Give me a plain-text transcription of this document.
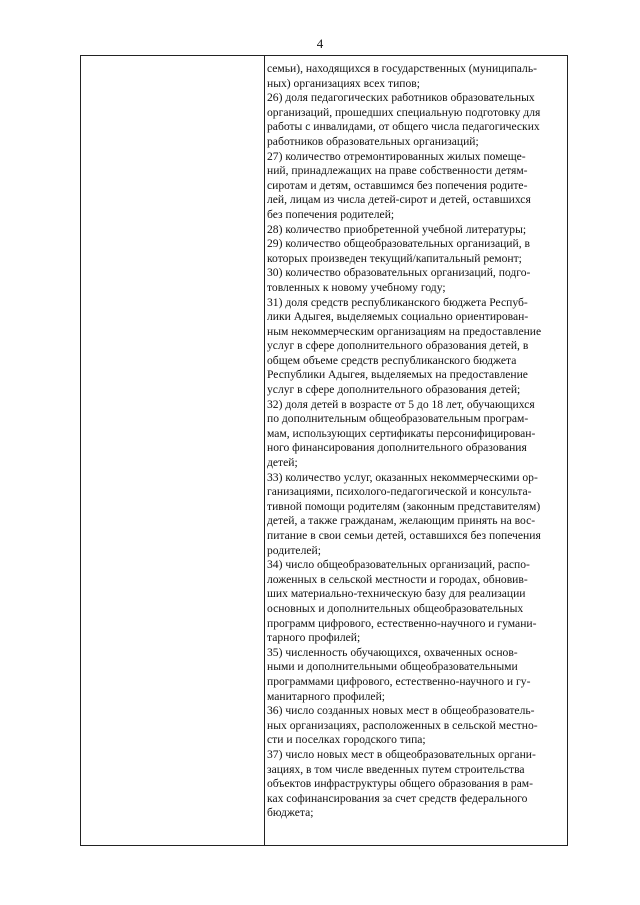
4
семьи), находящихся в государственных (муниципаль-
ных) организациях всех типов;
26) доля педагогических работников образовательных
организаций, прошедших специальную подготовку для
работы с инвалидами, от общего числа педагогических
работников образовательных организаций;
27) количество отремонтированных жилых помеще-
ний, принадлежащих на праве собственности детям-
сиротам и детям, оставшимся без попечения родите-
лей, лицам из числа детей-сирот и детей, оставшихся
без попечения родителей;
28) количество приобретенной учебной литературы;
29) количество общеобразовательных организаций, в
которых произведен текущий/капитальный ремонт;
30) количество образовательных организаций, подго-
товленных к новому учебному году;
31) доля средств республиканского бюджета Респуб-
лики Адыгея, выделяемых социально ориентирован-
ным некоммерческим организациям на предоставление
услуг в сфере дополнительного образования детей, в
общем объеме средств республиканского бюджета
Республики Адыгея, выделяемых на предоставление
услуг в сфере дополнительного образования детей;
32) доля детей в возрасте от 5 до 18 лет, обучающихся
по дополнительным общеобразовательным програм-
мам, использующих сертификаты персонифицирован-
ного финансирования дополнительного образования
детей;
33) количество услуг, оказанных некоммерческими ор-
ганизациями, психолого-педагогической и консульта-
тивной помощи родителям (законным представителям)
детей, а также гражданам, желающим принять на вос-
питание в свои семьи детей, оставшихся без попечения
родителей;
34) число общеобразовательных организаций, распо-
ложенных в сельской местности и городах, обновив-
ших материально-техническую базу для реализации
основных и дополнительных общеобразовательных
программ цифрового, естественно-научного и гумани-
тарного профилей;
35) численность обучающихся, охваченных основ-
ными и дополнительными общеобразовательными
программами цифрового, естественно-научного и гу-
манитарного профилей;
36) число созданных новых мест в общеобразователь-
ных организациях, расположенных в сельской местно-
сти и поселках городского типа;
37) число новых мест в общеобразовательных органи-
зациях, в том числе введенных путем строительства
объектов инфраструктуры общего образования в рам-
ках софинансирования за счет средств федерального
бюджета;
